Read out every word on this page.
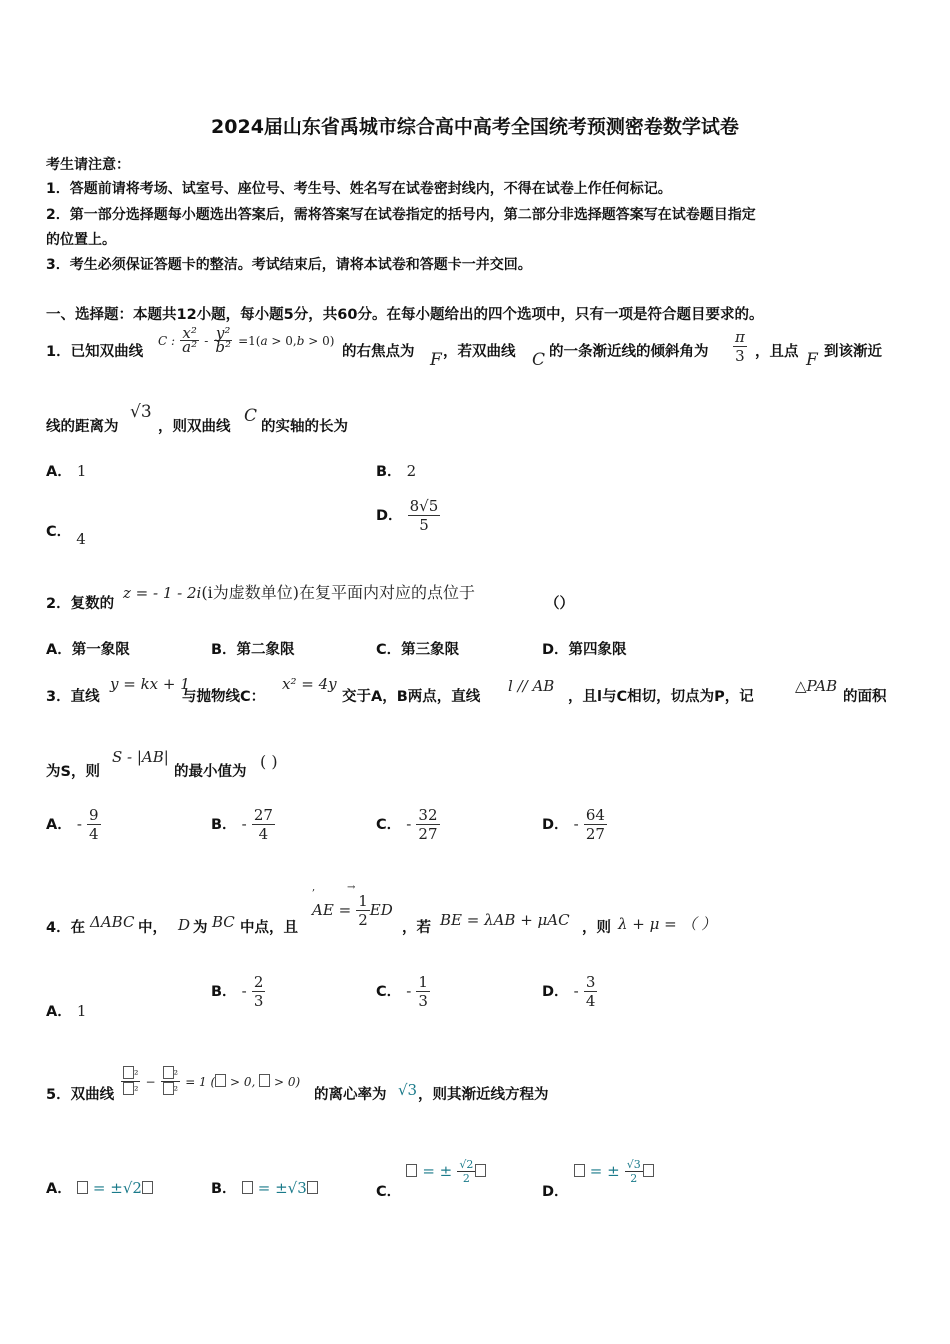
2024届山东省禹城市综合高中高考全国统考预测密卷数学试卷
考生请注意：
1．答题前请将考场、试室号、座位号、考生号、姓名写在试卷密封线内，不得在试卷上作任何标记。
2．第一部分选择题每小题选出答案后，需将答案写在试卷指定的括号内，第二部分非选择题答案写在试卷题目指定
的位置上。
3．考生必须保证答题卡的整洁。考试结束后，请将本试卷和答题卡一并交回。
一、选择题：本题共12小题，每小题5分，共60分。在每小题给出的四个选项中，只有一项是符合题目要求的。
1．已知双曲线
C : $\frac{\text{x²}}{\text{a²}} - \frac{\text{y²}}{\text{b²}} =1(a > 0,b > 0)$
的右焦点为 F ，若双曲线 C 的一条渐近线的倾斜角为 $\frac{\pi}{3}$ ，且点 F 到该渐近
线的距离为
√3
，则双曲线
C
的实轴的长为
A． 1	B． 2
C． 4
D． $\frac{8√5}{5}$
2．复数的
z = - 1 - 2i(i为虚数单位)在复平面内对应的点位于
（）
A．第一象限	B．第二象限	C．第三象限	D．第四象限
3．直线
y = kx + 1
与抛物线C：
x² = 4y
交于A，B两点，直线
l // AB
，且l与C相切，切点为P，记
△PAB
的面积
为S，则
S - |AB|
的最小值为
( )
A． - $\frac{9}{4}$	B． - $\frac{27}{4}$	C． - $\frac{32}{27}$	D． - $\frac{64}{27}$
4．在 ΔABC 中， D 为 BC 中点，且
,	→
AE = $\frac{1}{2}$ ED
，若 BE = λAB + μAC ，则 λ + μ = （ ）
A． 1
B． - $\frac{2}{3}$	C． - $\frac{1}{3}$	D． - $\frac{3}{4}$
5．双曲线 $\frac{\text{²}}{\text{²}} - \frac{\text{²}}{\text{²}} = 1$ ( > 0,  > 0)
的离心率为 √3 ，则其渐近线方程为
A． = ±√2	B． = ±√3	C．  = ± $\frac{√2}{2}$
D．  = ± $\frac{√3}{2}$
